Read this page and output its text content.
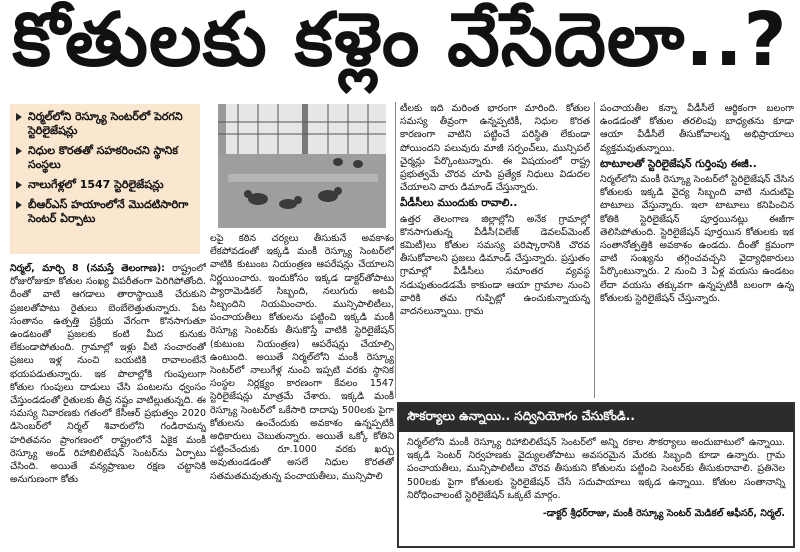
కోతులకు కళ్లెం వేసేదెలా..?
నిర్మల్‌లోని రెస్క్యూ సెంటర్‌లో పెరగని స్టెరిలైజేషన్లు
నిధుల కొరతతో సహకరించని స్థానిక సంస్థలు
నాలుగేళ్లలో 1547 స్టెరిలైజేషన్లు
బీఆర్ఎస్ హయాంలోనే మొదటిసారిగా సెంటర్ ఏర్పాటు

నిర్మల్, మార్చి 8 (నమస్తే తెలంగాణ): రాష్ట్రంలో రోజురోజుకూ కోతుల సంఖ్య విపరీతంగా పెరిగిపోతోంది. దీంతో వాటి ఆగడాలు తారాస్థాయికి చేరుకుని ప్రజలతోపాటు రైతులు బెంబేలెత్తుతున్నారు. పేట సంతానం ఉత్పత్తి ప్రక్రియ వేగంగా కొనసాగుతూ ఉండటంతో ప్రజలకు కంటి మీద కునుకు లేకుండాపోతుంది. గ్రామాల్లో ఇళ్లు వీటి సంచారంతో ప్రజలు ఇళ్ల నుంచి బయటికి రావాలంటేనే భయపడుతున్నారు. ఇక పొలాల్లోకి గుంపులుగా కోతుల గుంపులు దాడులు చేసి పంటలను ధ్వంసం చేస్తుండడంతో రైతులకు తీవ్ర నష్టం వాటిల్లుతున్నది. ఈ సమస్య నివారణకు గతంలో కేసీఆర్ ప్రభుత్వం 2020 డిసెంబర్‌లో నిర్మల్ శివారులోని గండిరామన్న హరితవనం ప్రాంగణంలో రాష్ట్రంలోనే ఏకైక మంకీ రెస్క్యూ అండ్ రిహాబిలిటేషన్ సెంటర్‌ను ఏర్పాటు చేసింది. అయితే వన్యప్రాణుల రక్షణ చట్టానికి అనుగుణంగా కోతు

లపై కఠిన చర్యలు తీసుకునే అవకాశం లేకపోవడంతో ఇక్కడి మంకీ రెస్క్యూ సెంటర్‌లో వాటికి కుటుంబ నియంత్రణ ఆపరేషన్లు చేయాలని నిర్ణయించారు. ఇందుకోసం ఇక్కడ డాక్టర్‌తోపాటు ప్యారామెడికల్ సిబ్బంది, నలుగురు అటవీ సిబ్బందిని నియమించారు. మున్సిపాలిటీలు, పంచాయతీలు కోతులను పట్టించి ఇక్కడి మంకీ రెస్క్యూ సెంటర్‌కు తీసుకొస్తే వాటికి స్టెరిలైజేషన్ (కుటుంబ నియంత్రణ) ఆపరేషన్లు చేయాల్సి ఉంటుంది. అయితే నిర్మల్‌లోని మంకీ రెస్క్యూ సెంటర్‌లో నాలుగేళ్ల నుంచి ఇప్పటి వరకు స్థానిక సంస్థల నిర్లక్ష్యం కారణంగా కేవలం 1547 స్టెరిలైజేషన్లు మాత్రమే చేశారు. ఇక్కడి మంకీ రెస్క్యూ సెంటర్‌లో ఒకేసారి దాదాపు 500లకు పైగా కోతులను ఉంచేందుకు అవకాశం ఉన్నప్పటికీ అధికారులు చెబుతున్నారు. అయితే ఒక్కో కోతిని పట్టించేందుకు రూ.1000 వరకు ఖర్చు అవుతుండడంతో అసలే నిధుల కొరతతో సతమతమవుతున్న పంచాయతీలు, మున్సిపాలి

టీలకు ఇది మరింత భారంగా మారింది. కోతుల సమస్య తీవ్రంగా ఉన్నప్పటికీ, నిధుల కొరత కారణంగా వాటిని పట్టించే పరిస్థితి లేకుండా పోయిందని పలువురు మాజీ సర్పంచ్‌లు, మున్సిపల్ చైర్మన్లు పేర్కొంటున్నారు. ఈ విషయంలో రాష్ట్ర ప్రభుత్వమే చొరవ చూపి ప్రత్యేక నిధులు విడుదల చేయాలని వారు డిమాండ్ చేస్తున్నారు.

వీడీసీలు ముందుకు రావాలి..

ఉత్తర తెలంగాణ జిల్లాల్లోని అనేక గ్రామాల్లో కొనసాగుతున్న వీడీసీ(విలేజ్ డెవలప్‌మెంట్ కమిటీ)లు కోతుల సమస్య పరిష్కారానికి చొరవ తీసుకోవాలని ప్రజలు డిమాండ్ చేస్తున్నారు. ప్రస్తుతం గ్రామాల్లో వీడీసీలు సమాంతర వ్యవస్థ నడుపుతుండడమే కాకుండా ఆయా గ్రామాల నుంచి వారికి తమ గుప్పిట్లో ఉంచుకున్నాయన్న వాదనలున్నాయి. గ్రామ

పంచాయతీల కన్నా వీడీసీలే ఆర్థికంగా బలంగా ఉండడంతో కోతుల తరలింపు బాధ్యతను కూడా ఆయా వీడీసీలే తీసుకోవాలన్న అభిప్రాయాలు వ్యక్తమవుతున్నాయి.

టాటూలతో స్టెరిలైజేషన్ గుర్తింపు ఈజీ..

నిర్మల్‌లోని మంకీ రెస్క్యూ సెంటర్‌లో స్టెరిలైజేషన్ చేసిన కోతులకు ఇక్కడి వైద్య సిబ్బంది వాటి నుదుటిపై టాటూలు వేస్తున్నారు. ఇలా టాటూలు కనిపించిన కోతికి స్టెరిలైజేషన్ పూర్తయినట్లు ఈజీగా తెలిసిపోతుంది. స్టెరిలైజేషన్ పూర్తయిన కోతులకు ఇక సంతానోత్పత్తికి అవకాశం ఉండదు. దీంతో క్రమంగా వాటి సంఖ్యను తగ్గించవచ్చని వైద్యాధికారులు పేర్కొంటున్నారు. 2 నుంచి 3 ఏళ్ల వయసు ఉండటం లేదా వయసు తక్కువగా ఉన్నప్పటికీ బలంగా ఉన్న కోతులకు స్టెరిలైజేషన్ చేస్తున్నారు.

సౌకర్యాలు ఉన్నాయి.. సద్వినియోగం చేసుకోండి..
నిర్మల్‌లోని మంకీ రెస్క్యూ రిహాబిలిటేషన్ సెంటర్‌లో అన్ని రకాల సౌకర్యాలు అందుబాటులో ఉన్నాయి. ఇక్కడి సెంటర్ నిర్వహణకు వైద్యులతోపాటు అవసరమైన మేరకు సిబ్బంది కూడా ఉన్నారు. గ్రామ పంచాయతీలు, మున్సిపాలిటీలు చొరవ తీసుకుని కోతులను పట్టించి సెంటర్‌కు తీసుకురావాలి. ప్రతినెల 500లకు పైగా కోతులకు స్టెరిలైజేషన్ చేసే సదుపాయాలు ఇక్కడ ఉన్నాయి. కోతుల సంతానాన్ని నిరోధించాలంటే స్టెరిలైజేషన్ ఒక్కటే మార్గం.
-డాక్టర్ శ్రీధర్‌రాజు, మంకీ రెస్క్యూ సెంటర్ మెడికల్ ఆఫీసర్, నిర్మల్.
